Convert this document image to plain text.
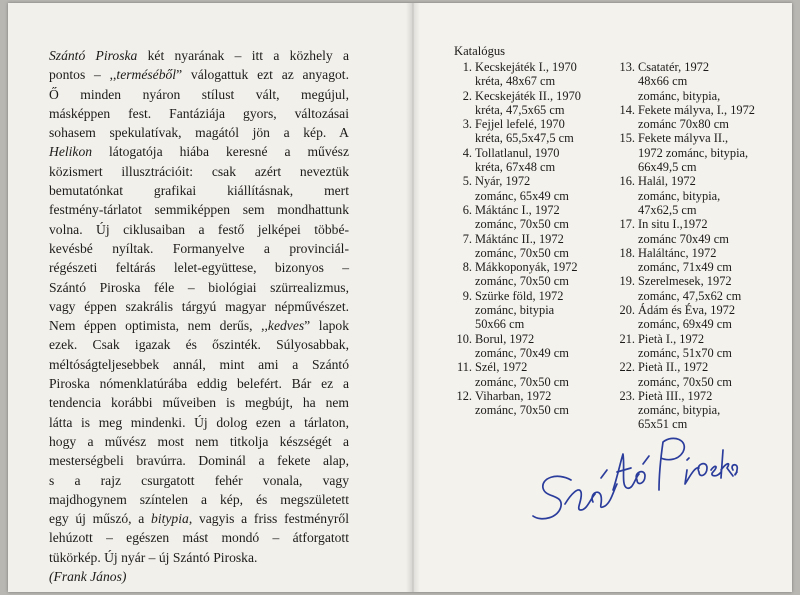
Szántó Piroska két nyarának – itt a közhely a
pontos – ,,terméséből” válogattuk ezt az anyagot.
Ő minden nyáron stílust vált, megújul,
másképpen fest. Fantáziája gyors, változásai
sohasem spekulatívak, magától jön a kép. A
Helikon látogatója hiába keresné a művész
közismert illusztrációit: csak azért neveztük
bemutatónkat grafikai kiállításnak, mert
festmény-tárlatot semmiképpen sem mondhattunk
volna. Új ciklusaiban a festő jelképei többé-
kevésbé nyíltak. Formanyelve a provinciál-
régészeti feltárás lelet-együttese, bizonyos –
Szántó Piroska féle – biológiai szürrealizmus,
vagy éppen szakrális tárgyú magyar népművészet.
Nem éppen optimista, nem derűs, ,,kedves” lapok
ezek. Csak igazak és őszinték. Súlyosabbak,
méltóságteljesebbek annál, mint ami a Szántó
Piroska nómenklatúrába eddig belefért. Bár ez a
tendencia korábbi műveiben is megbújt, ha nem
látta is meg mindenki. Új dolog ezen a tárlaton,
hogy a művész most nem titkolja készségét a
mesterségbeli bravúrra. Dominál a fekete alap,
s a rajz csurgatott fehér vonala, vagy
majdhogynem színtelen a kép, és megszületett
egy új műszó, a bitypia, vagyis a friss festményről
lehúzott – egészen mást mondó – átforgatott
tükörkép. Új nyár – új Szántó Piroska.
(Frank János)

Katalógus

1. Kecskejáték I., 1970
kréta, 48x67 cm
2. Kecskejáték II., 1970
kréta, 47,5x65 cm
3. Fejjel lefelé, 1970
kréta, 65,5x47,5 cm
4. Tollatlanul, 1970
kréta, 67x48 cm
5. Nyár, 1972
zománc, 65x49 cm
6. Máktánc I., 1972
zománc, 70x50 cm
7. Máktánc II., 1972
zománc, 70x50 cm
8. Mákkoponyák, 1972
zománc, 70x50 cm
9. Szürke föld, 1972
zománc, bitypia
50x66 cm
10. Borul, 1972
zománc, 70x49 cm
11. Szél, 1972
zománc, 70x50 cm
12. Viharban, 1972
zománc, 70x50 cm
13. Csatatér, 1972
48x66 cm
zománc, bitypia,
14. Fekete mályva, I., 1972
zománc 70x80 cm
15. Fekete mályva II.,
1972 zománc, bitypia,
66x49,5 cm
16. Halál, 1972
zománc, bitypia,
47x62,5 cm
17. In situ I.,1972
zománc 70x49 cm
18. Haláltánc, 1972
zománc, 71x49 cm
19. Szerelmesek, 1972
zománc, 47,5x62 cm
20. Ádám és Éva, 1972
zománc, 69x49 cm
21. Pietà I., 1972
zománc, 51x70 cm
22. Pietà II., 1972
zománc, 70x50 cm
23. Pietà III., 1972
zománc, bitypia,
65x51 cm
